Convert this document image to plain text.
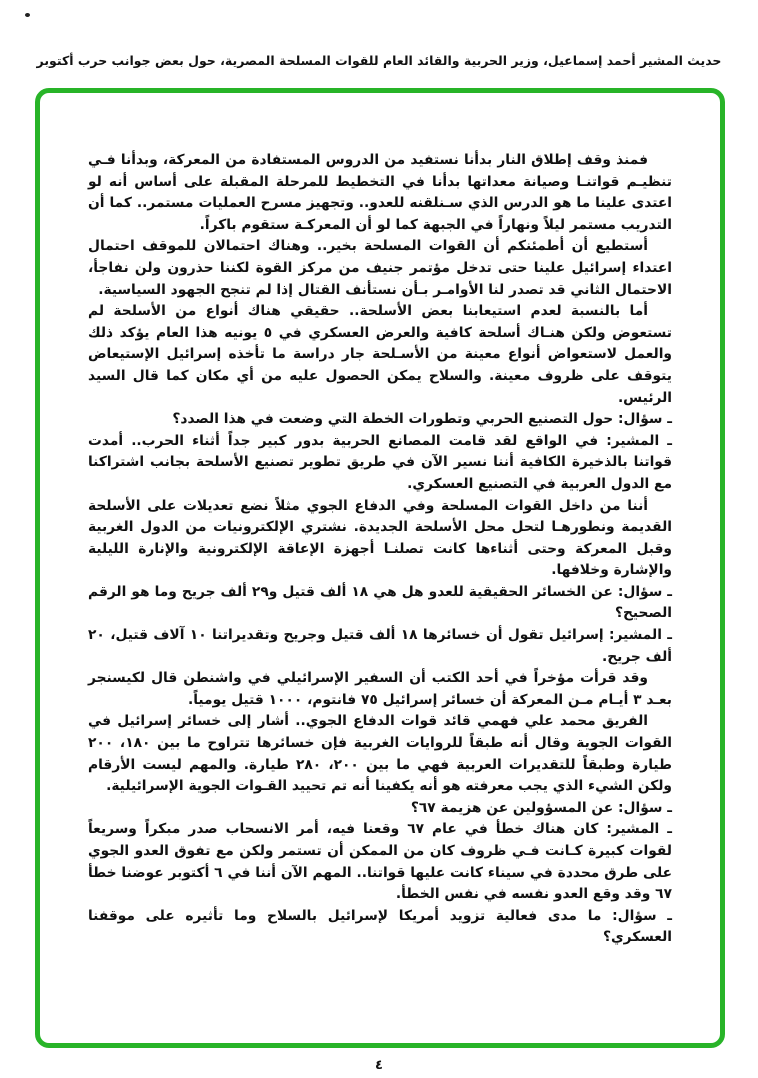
حديث المشير أحمد إسماعيل، وزير الحربية والقائد العام للقوات المسلحة المصرية، حول بعض جوانب حرب أكتوبر

فمنذ وقف إطلاق النار بدأنا نستفيد من الدروس المستفادة من المعركة، وبدأنا فـي تنظيـم قواتنـا وصيانة معداتها بدأنا في التخطيط للمرحلة المقبلة على أساس أنه لو اعتدى علينا ما هو الدرس الذي سـنلقنه للعدو.. وتجهيز مسرح العمليات مستمر.. كما أن التدريب مستمر ليلاً ونهاراً في الجبهة كما لو أن المعركـة ستقوم باكراً.

أستطيع أن أطمئنكم أن القوات المسلحة بخير.. وهناك احتمالان للموقف احتمال اعتداء إسرائيل علينا حتى تدخل مؤتمر جنيف من مركز القوة لكننا حذرون ولن نفاجأ، الاحتمال الثاني قد تصدر لنا الأوامـر بـأن نستأنف القتال إذا لم تنجح الجهود السياسية.

أما بالنسبة لعدم استيعابنا بعض الأسلحة.. حقيقي هناك أنواع من الأسلحة لم تستعوض ولكن هنـاك أسلحة كافية والعرض العسكري في ٥ يونيه هذا العام يؤكد ذلك والعمل لاستعواض أنواع معينة من الأسـلحة جار دراسة ما تأخذه إسرائيل الإستيعاض يتوقف على ظروف معينة. والسلاح يمكن الحصول عليه من أي مكان كما قال السيد الرئيس.

ـ سؤال: حول التصنيع الحربي وتطورات الخطة التي وضعت في هذا الصدد؟

ـ المشير: في الواقع لقد قامت المصانع الحربية بدور كبير جداً أثناء الحرب.. أمدت قواتنا بالذخيرة الكافية أننا نسير الآن في طريق تطوير تصنيع الأسلحة بجانب اشتراكنا مع الدول العربية في التصنيع العسكري.

أننا من داخل القوات المسلحة وفي الدفاع الجوي مثلاً نضع تعديلات على الأسلحة القديمة ونطورهـا لتحل محل الأسلحة الجديدة. نشتري الإلكترونيات من الدول الغربية وقبل المعركة وحتى أثناءها كانت تصلنـا أجهزة الإعاقة الإلكترونية والإنارة الليلية والإشارة وخلافها.

ـ سؤال: عن الخسائر الحقيقية للعدو هل هي ١٨ ألف قتيل و٢٩ ألف جريح وما هو الرقم الصحيح؟

ـ المشير: إسرائيل تقول أن خسائرها ١٨ ألف قتيل وجريح وتقديراتنا ١٠ آلاف قتيل، ٢٠ ألف جريح.

وقد قرأت مؤخراً في أحد الكتب أن السفير الإسرائيلي في واشنطن قال لكيسنجر بعـد ٣ أيـام مـن المعركة أن خسائر إسرائيل ٧٥ فانتوم، ١٠٠٠ قتيل يومياً.

الفريق محمد علي فهمي قائد قوات الدفاع الجوي.. أشار إلى خسائر إسرائيل في القوات الجوية وقال أنه طبقاً للروايات الغربية فإن خسائرها تتراوح ما بين ١٨٠، ٢٠٠ طيارة وطبقاً للتقديرات العربية فهي ما بين ٢٠٠، ٢٨٠ طيارة. والمهم ليست الأرقام ولكن الشيء الذي يجب معرفته هو أنه يكفينا أنه تم تحييد القـوات الجوية الإسرائيلية.

ـ سؤال: عن المسؤولين عن هزيمة ٦٧؟

ـ المشير: كان هناك خطأ في عام ٦٧ وقعنا فيه، أمر الانسحاب صدر مبكراً وسريعاً لقوات كبيرة كـانت فـي ظروف كان من الممكن أن تستمر ولكن مع تفوق العدو الجوي على طرق محددة في سيناء كانت عليها قواتنا.. المهم الآن أننا في ٦ أكتوبر عوضنا خطأ ٦٧ وقد وقع العدو نفسه في نفس الخطأ.

ـ سؤال: ما مدى فعالية تزويد أمريكا لإسرائيل بالسلاح وما تأثيره على موقفنا العسكري؟

٤
